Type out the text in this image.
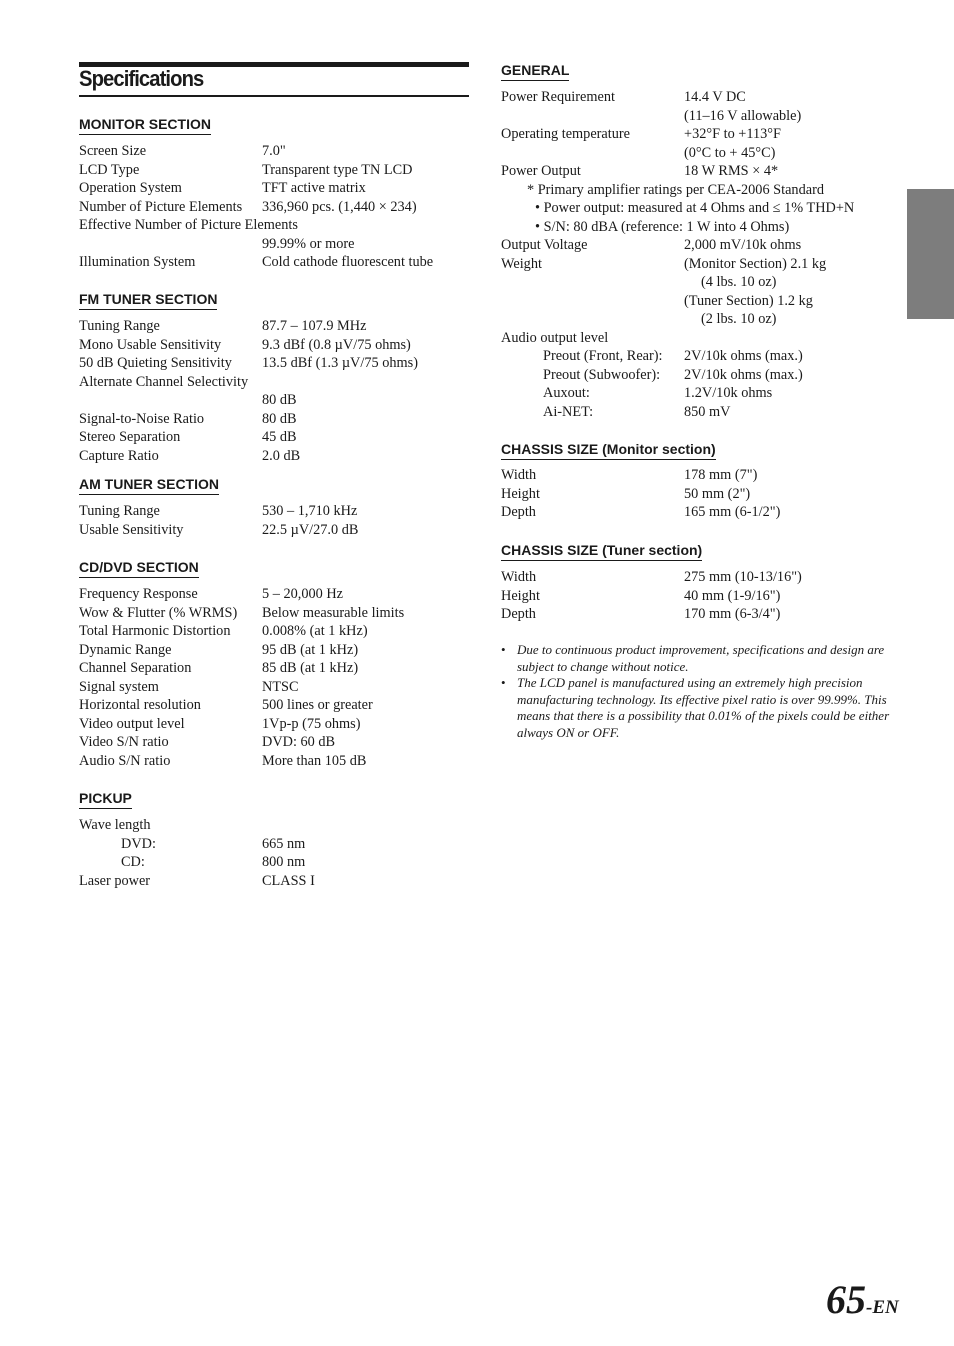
Specifications
MONITOR SECTION
Screen Size	7.0"
LCD Type	Transparent type TN LCD
Operation System	TFT active matrix
Number of Picture Elements 336,960 pcs. (1,440 × 234)
Effective Number of Picture Elements
99.99% or more
Illumination System	Cold cathode fluorescent tube
FM TUNER SECTION
Tuning Range	87.7 – 107.9 MHz
Mono Usable Sensitivity	9.3 dBf (0.8 µV/75 ohms)
50 dB Quieting Sensitivity 13.5 dBf (1.3 µV/75 ohms)
Alternate Channel Selectivity
80 dB
Signal-to-Noise Ratio	80 dB
Stereo Separation	45 dB
Capture Ratio	2.0 dB
AM TUNER SECTION
Tuning Range	530 – 1,710 kHz
Usable Sensitivity	22.5 µV/27.0 dB
CD/DVD SECTION
Frequency Response	5 – 20,000 Hz
Wow & Flutter (% WRMS) Below measurable limits
Total Harmonic Distortion 0.008% (at 1 kHz)
Dynamic Range	95 dB (at 1 kHz)
Channel Separation	85 dB (at 1 kHz)
Signal system	NTSC
Horizontal resolution	500 lines or greater
Video output level	1Vp-p (75 ohms)
Video S/N ratio	DVD: 60 dB
Audio S/N ratio	More than 105 dB
PICKUP
Wave length
DVD:	665 nm
CD:	800 nm
Laser power	CLASS I
GENERAL
Power Requirement	14.4 V DC
(11–16 V allowable)
Operating temperature	+32°F to +113°F
(0°C to + 45°C)
Power Output	18 W RMS × 4*
* Primary amplifier ratings per CEA-2006 Standard
• Power output: measured at 4 Ohms and ≤ 1% THD+N
• S/N: 80 dBA (reference: 1 W into 4 Ohms)
Output Voltage	2,000 mV/10k ohms
Weight	(Monitor Section) 2.1 kg
(4 lbs. 10 oz)
(Tuner Section) 1.2 kg
(2 lbs. 10 oz)
Audio output level
Preout (Front, Rear): 2V/10k ohms (max.)
Preout (Subwoofer): 2V/10k ohms (max.)
Auxout:	1.2V/10k ohms
Ai-NET:	850 mV
CHASSIS SIZE (Monitor section)
Width	178 mm (7")
Height	50 mm (2")
Depth	165 mm (6-1/2")
CHASSIS SIZE (Tuner section)
Width	275 mm (10-13/16")
Height	40 mm (1-9/16")
Depth	170 mm (6-3/4")
• Due to continuous product improvement, specifications and design are subject to change without notice.
• The LCD panel is manufactured using an extremely high precision manufacturing technology. Its effective pixel ratio is over 99.99%. This means that there is a possibility that 0.01% of the pixels could be either always ON or OFF.
65-EN
